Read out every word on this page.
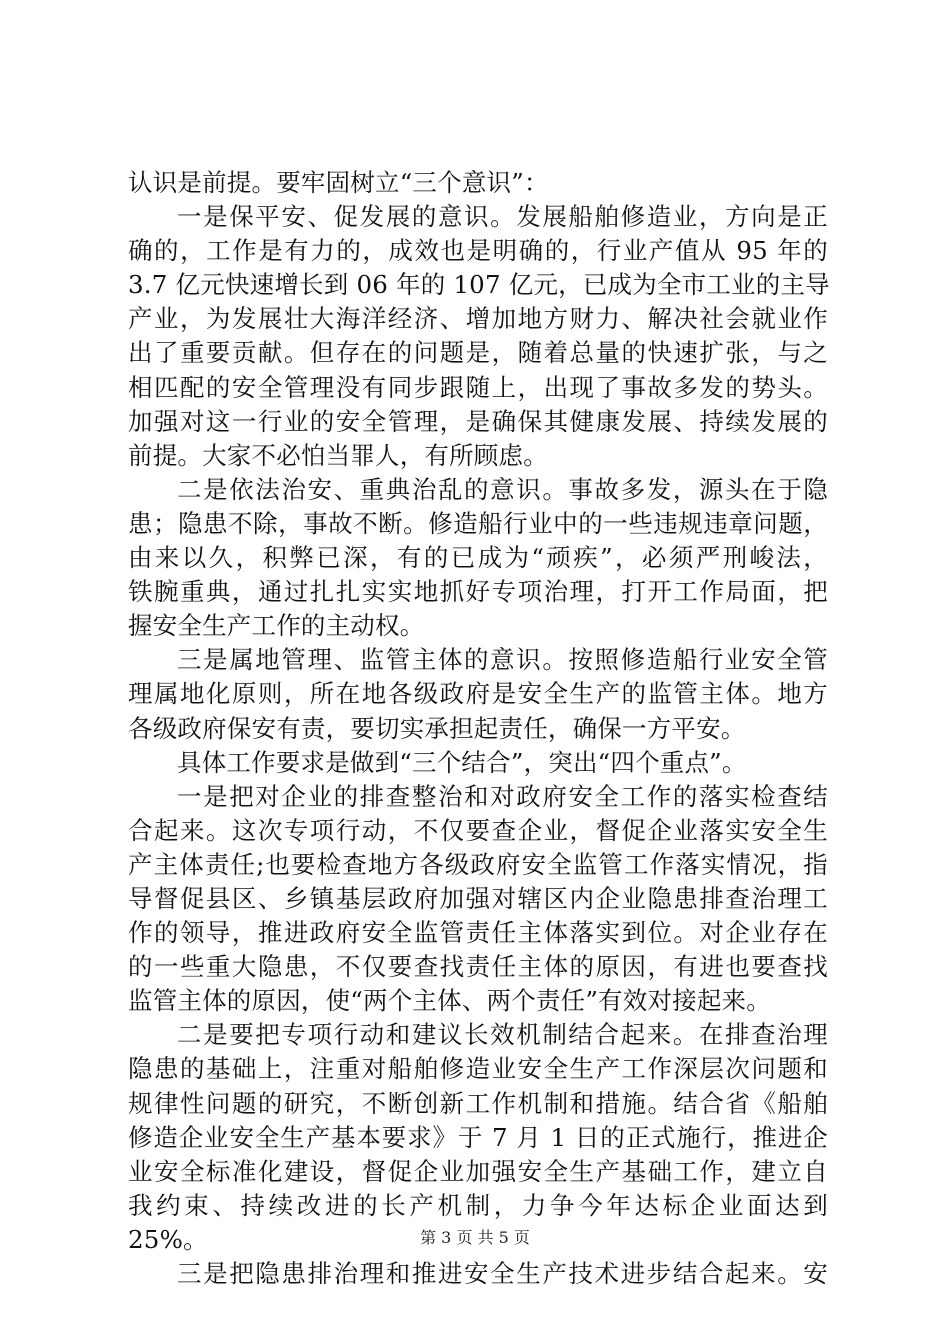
认识是前提。要牢固树立“三个意识”：
一是保平安、促发展的意识。发展船舶修造业，方向是正
确的，工作是有力的，成效也是明确的，行业产值从 95 年的
3.7 亿元快速增长到 06 年的 107 亿元，已成为全市工业的主导
产业，为发展壮大海洋经济、增加地方财力、解决社会就业作
出了重要贡献。但存在的问题是，随着总量的快速扩张，与之
相匹配的安全管理没有同步跟随上，出现了事故多发的势头。
加强对这一行业的安全管理，是确保其健康发展、持续发展的
前提。大家不必怕当罪人，有所顾虑。
二是依法治安、重典治乱的意识。事故多发，源头在于隐
患；隐患不除，事故不断。修造船行业中的一些违规违章问题，
由来以久，积弊已深，有的已成为“顽疾”，必须严刑峻法，
铁腕重典，通过扎扎实实地抓好专项治理，打开工作局面，把
握安全生产工作的主动权。
三是属地管理、监管主体的意识。按照修造船行业安全管
理属地化原则，所在地各级政府是安全生产的监管主体。地方
各级政府保安有责，要切实承担起责任，确保一方平安。
具体工作要求是做到“三个结合”，突出“四个重点”。
一是把对企业的排查整治和对政府安全工作的落实检查结
合起来。这次专项行动，不仅要查企业，督促企业落实安全生
产主体责任;也要检查地方各级政府安全监管工作落实情况，指
导督促县区、乡镇基层政府加强对辖区内企业隐患排查治理工
作的领导，推进政府安全监管责任主体落实到位。对企业存在
的一些重大隐患，不仅要查找责任主体的原因，有进也要查找
监管主体的原因，使“两个主体、两个责任”有效对接起来。
二是要把专项行动和建议长效机制结合起来。在排查治理
隐患的基础上，注重对船舶修造业安全生产工作深层次问题和
规律性问题的研究，不断创新工作机制和措施。结合省《船舶
修造企业安全生产基本要求》于 7 月 1 日的正式施行，推进企
业安全标准化建设，督促企业加强安全生产基础工作，建立自
我约束、持续改进的长产机制，力争今年达标企业面达到
25%。
三是把隐患排治理和推进安全生产技术进步结合起来。安
第 3 页 共 5 页
